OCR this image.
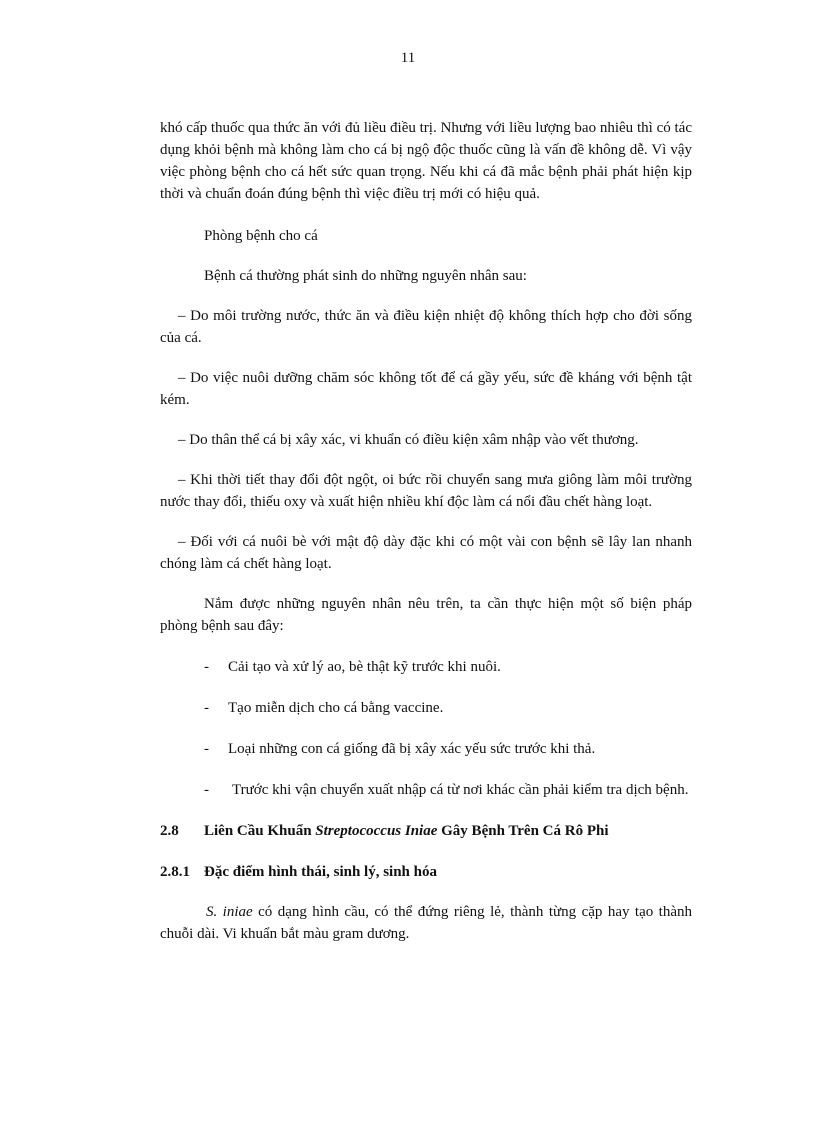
11

khó cấp thuốc qua thức ăn với đủ liều điều trị. Nhưng với liều lượng bao nhiêu thì có tác dụng khỏi bệnh mà không làm cho cá bị ngộ độc thuốc cũng là vấn đề không dễ. Vì vậy việc phòng bệnh cho cá hết sức quan trọng. Nếu khi cá đã mắc bệnh phải phát hiện kịp thời và chuẩn đoán đúng bệnh thì việc điều trị mới có hiệu quả.

Phòng bệnh cho cá

Bệnh cá thường phát sinh do những nguyên nhân sau:

– Do môi trường nước, thức ăn và điều kiện nhiệt độ không thích hợp cho đời sống của cá.

– Do việc nuôi dưỡng chăm sóc không tốt để cá gầy yếu, sức đề kháng với bệnh tật kém.

– Do thân thể cá bị xây xác, vi khuẩn có điều kiện xâm nhập vào vết thương.

– Khi thời tiết thay đổi đột ngột, oi bức rồi chuyển sang mưa giông làm môi trường nước thay đổi, thiếu oxy và xuất hiện nhiều khí độc làm cá nổi đầu chết hàng loạt.

– Đối với cá nuôi bè với mật độ dày đặc khi có một vài con bệnh sẽ lây lan nhanh chóng làm cá chết hàng loạt.

Nắm được những nguyên nhân nêu trên, ta cần thực hiện một số biện pháp phòng bệnh sau đây:

- Cải tạo và xử lý ao, bè thật kỹ trước khi nuôi.

- Tạo miễn dịch cho cá bằng vaccine.

- Loại những con cá giống đã bị xây xác yếu sức trước khi thả.

- Trước khi vận chuyển xuất nhập cá từ nơi khác cần phải kiểm tra dịch bệnh.

2.8 Liên Cầu Khuẩn Streptococcus Iniae Gây Bệnh Trên Cá Rô Phi

2.8.1 Đặc điểm hình thái, sinh lý, sinh hóa

S. iniae có dạng hình cầu, có thể đứng riêng lẻ, thành từng cặp hay tạo thành chuỗi dài. Vi khuẩn bắt màu gram dương.
